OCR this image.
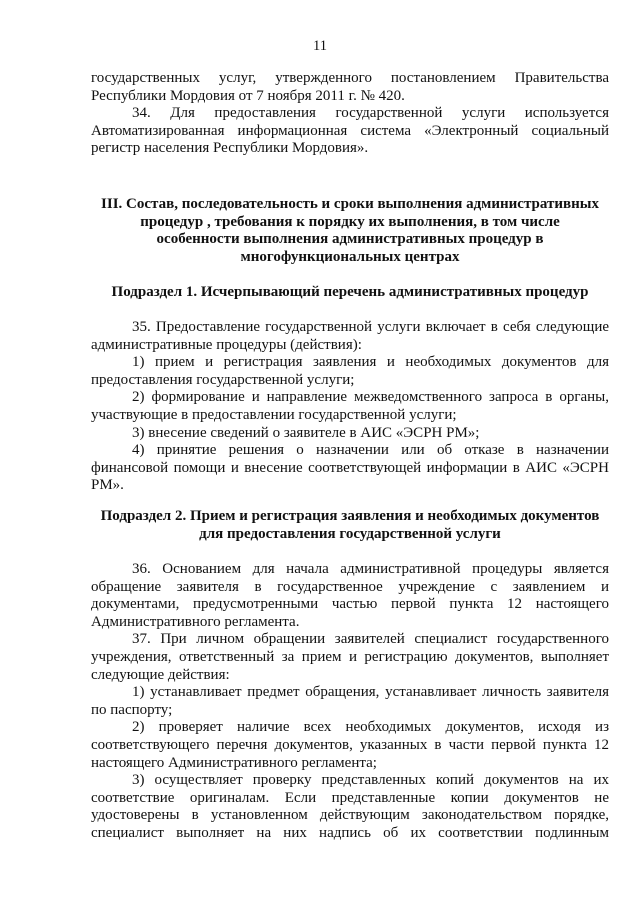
11

государственных услуг, утвержденного постановлением Правительства

Республики Мордовия от 7 ноября 2011 г. № 420.

34. Для предоставления государственной услуги используется

Автоматизированная информационная система «Электронный социальный

регистр населения Республики Мордовия».

III. Состав, последовательность и сроки выполнения административных

процедур , требования к порядку их выполнения, в том числе

особенности выполнения административных процедур в

многофункциональных центрах

Подраздел 1. Исчерпывающий перечень административных процедур

35. Предоставление государственной услуги включает в себя следующие

административные процедуры (действия):

1) прием и регистрация заявления и необходимых документов для

предоставления государственной услуги;

2) формирование и направление межведомственного запроса в органы,

участвующие в предоставлении государственной услуги;

3) внесение сведений о заявителе в АИС «ЭСРН РМ»;

4) принятие решения о назначении или об отказе в назначении

финансовой помощи и внесение соответствующей информации в АИС «ЭСРН

РМ».

Подраздел 2. Прием и регистрация заявления и необходимых документов

для предоставления государственной услуги

36. Основанием для начала административной процедуры является

обращение заявителя в государственное учреждение с заявлением и

документами, предусмотренными частью первой пункта 12 настоящего

Административного регламента.

37. При личном обращении заявителей специалист государственного

учреждения, ответственный за прием и регистрацию документов, выполняет

следующие действия:

1) устанавливает предмет обращения, устанавливает личность заявителя

по паспорту;

2) проверяет наличие всех необходимых документов, исходя из

соответствующего перечня документов, указанных в части первой пункта 12

настоящего Административного регламента;

3) осуществляет проверку представленных копий документов на их

соответствие оригиналам. Если представленные копии документов не

удостоверены в установленном действующим законодательством порядке,

специалист выполняет на них надпись об их соответствии подлинным
